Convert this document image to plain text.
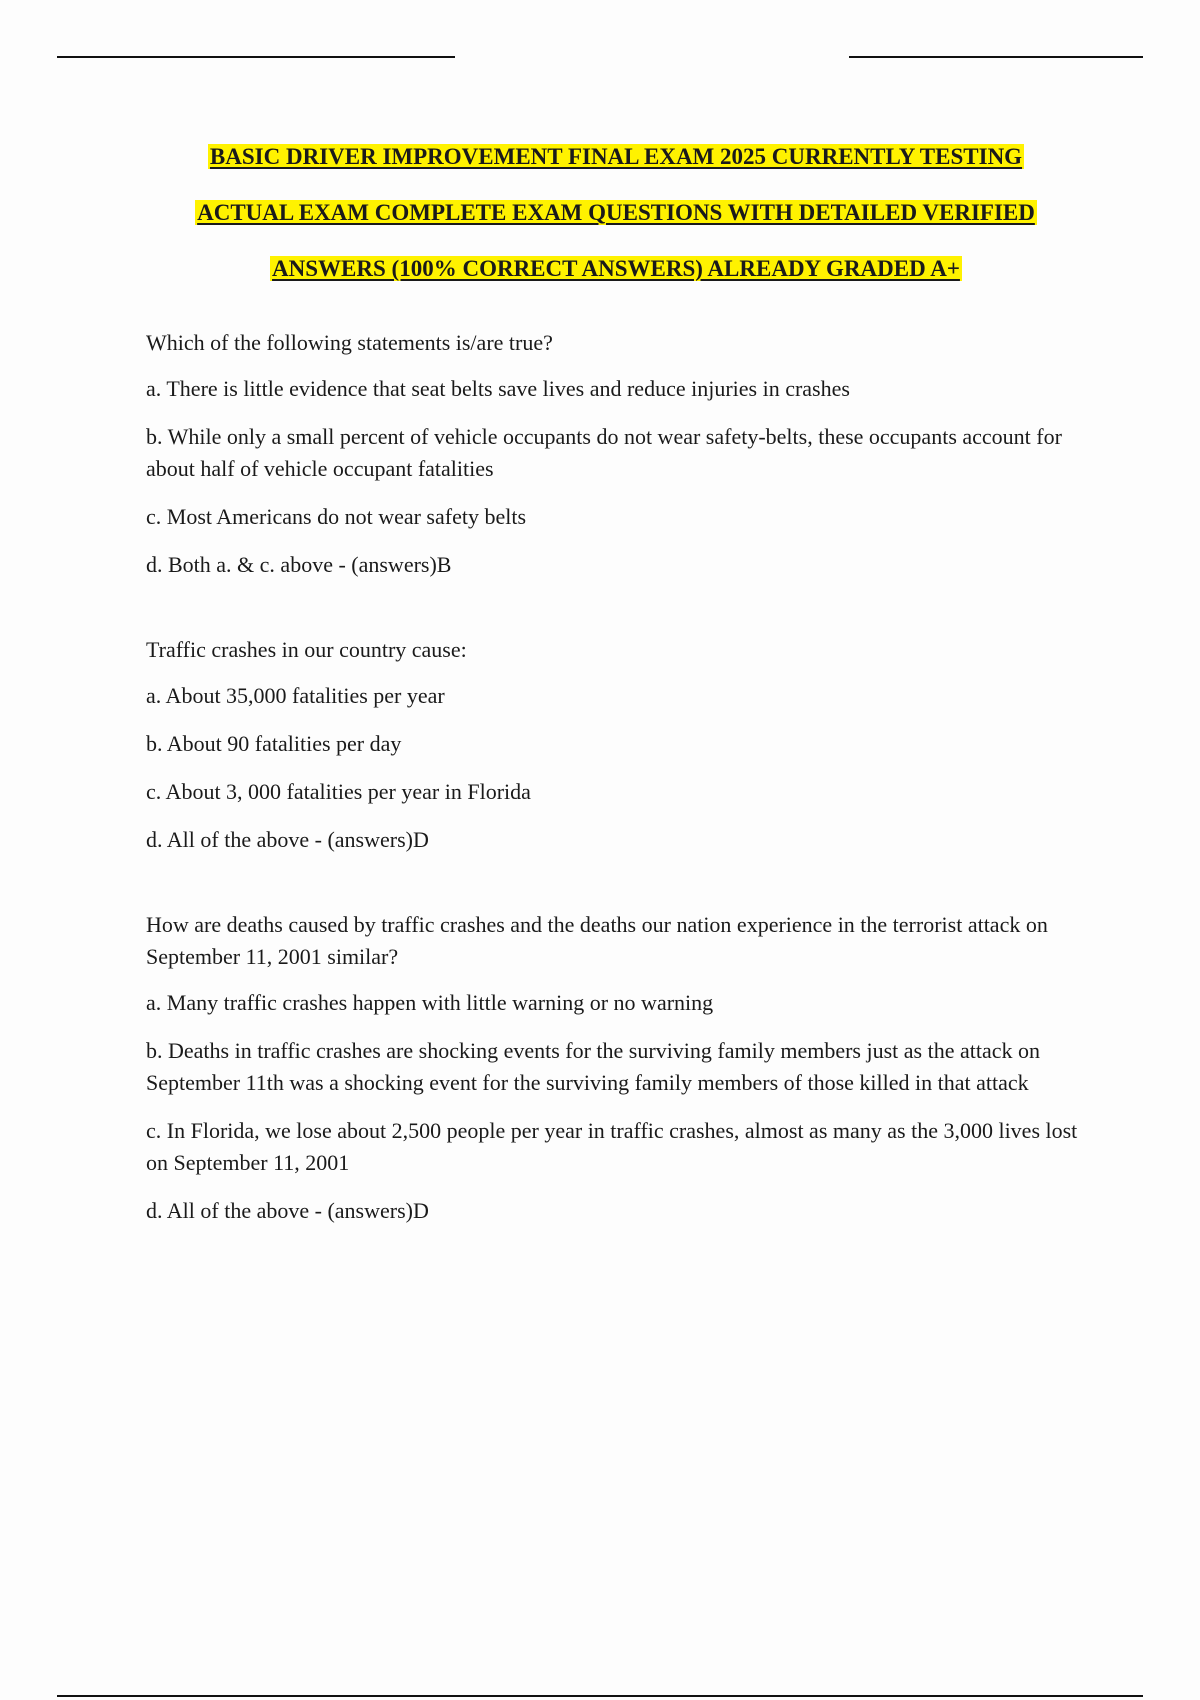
BASIC DRIVER IMPROVEMENT FINAL EXAM 2025 CURRENTLY TESTING
ACTUAL EXAM COMPLETE EXAM QUESTIONS WITH DETAILED VERIFIED
ANSWERS (100% CORRECT ANSWERS) ALREADY GRADED A+

Which of the following statements is/are true?

a. There is little evidence that seat belts save lives and reduce injuries in crashes

b. While only a small percent of vehicle occupants do not wear safety-belts, these occupants account for about half of vehicle occupant fatalities

c. Most Americans do not wear safety belts

d. Both a. & c. above - (answers)B

Traffic crashes in our country cause:

a. About 35,000 fatalities per year

b. About 90 fatalities per day

c. About 3, 000 fatalities per year in Florida

d. All of the above - (answers)D

How are deaths caused by traffic crashes and the deaths our nation experience in the terrorist attack on September 11, 2001 similar?

a. Many traffic crashes happen with little warning or no warning

b. Deaths in traffic crashes are shocking events for the surviving family members just as the attack on September 11th was a shocking event for the surviving family members of those killed in that attack

c. In Florida, we lose about 2,500 people per year in traffic crashes, almost as many as the 3,000 lives lost on September 11, 2001

d. All of the above - (answers)D
